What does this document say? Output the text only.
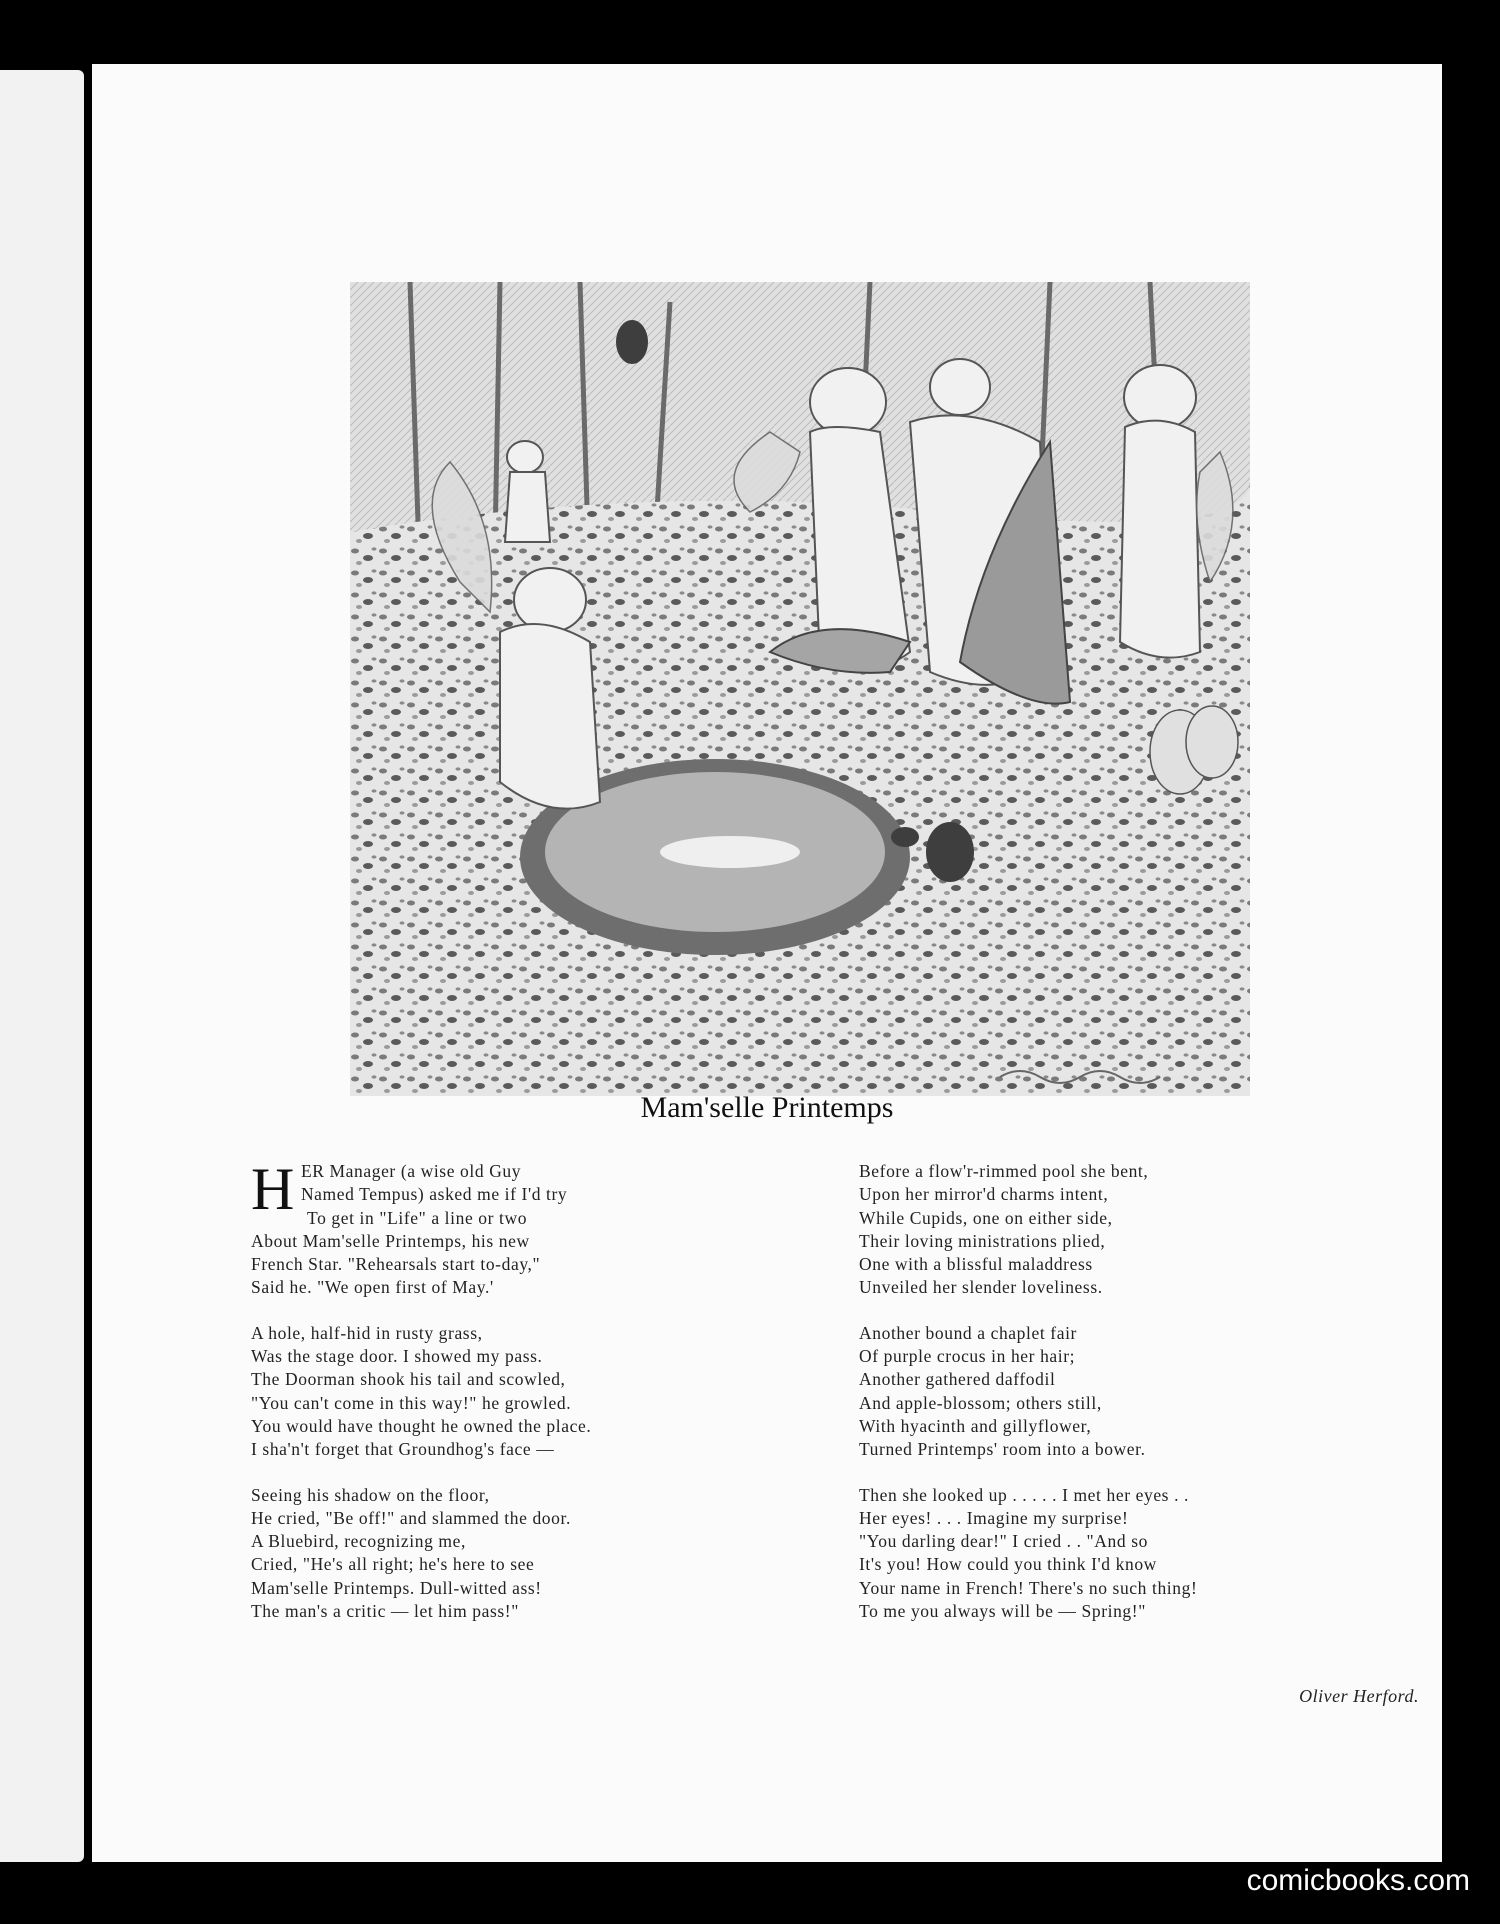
Mam'selle Printemps
H ER Manager (a wise old Guy
Named Tempus) asked me if I'd try
To get in "Life" a line or two
About Mam'selle Printemps, his new
French Star. "Rehearsals start to-day,"
Said he. "We open first of May.'
A hole, half-hid in rusty grass,
Was the stage door. I showed my pass.
The Doorman shook his tail and scowled,
"You can't come in this way!" he growled.
You would have thought he owned the place.
I sha'n't forget that Groundhog's face —
Seeing his shadow on the floor,
He cried, "Be off!" and slammed the door.
A Bluebird, recognizing me,
Cried, "He's all right; he's here to see
Mam'selle Printemps. Dull-witted ass!
The man's a critic — let him pass!"
Before a flow'r-rimmed pool she bent,
Upon her mirror'd charms intent,
While Cupids, one on either side,
Their loving ministrations plied,
One with a blissful maladdress
Unveiled her slender loveliness.
Another bound a chaplet fair
Of purple crocus in her hair;
Another gathered daffodil
And apple-blossom; others still,
With hyacinth and gillyflower,
Turned Printemps' room into a bower.
Then she looked up . . . . . I met her eyes . .
Her eyes! . . . Imagine my surprise!
"You darling dear!" I cried . . "And so
It's you! How could you think I'd know
Your name in French! There's no such thing!
To me you always will be — Spring!"
Oliver Herford.
comicbooks.com
